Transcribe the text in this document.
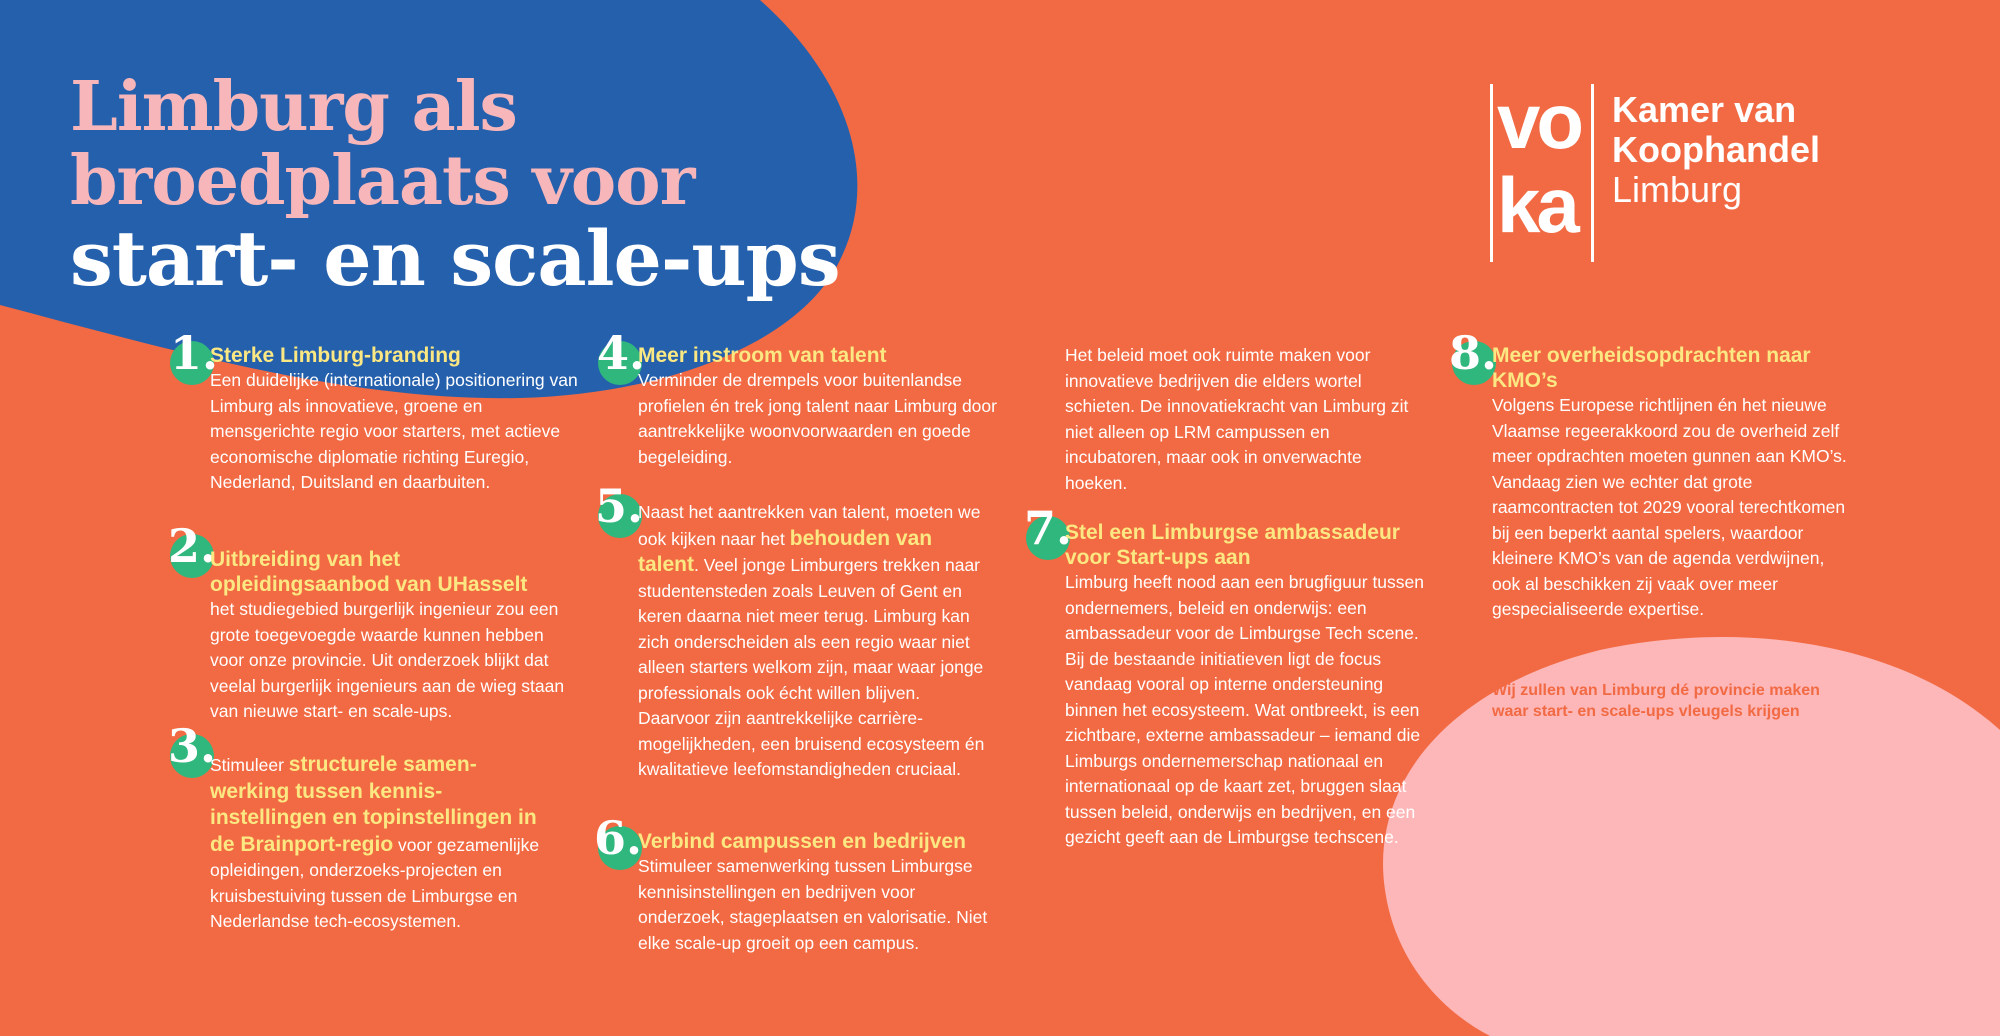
Limburg als
broedplaats voor
start- en scale-ups
vo
ka
Kamer van
Koophandel
Limburg
1.
Sterke Limburg-branding
Een duidelijke (internationale) positionering van Limburg als innovatieve, groene en mensgerichte regio voor starters, met actieve economische diplomatie richting Euregio, Nederland, Duitsland en daarbuiten.
2.
Uitbreiding van het opleidingsaanbod van UHasselt
het studiegebied burgerlijk ingenieur zou een grote toegevoegde waarde kunnen hebben voor onze provincie. Uit onderzoek blijkt dat veelal burgerlijk ingenieurs aan de wieg staan van nieuwe start- en scale-ups.
3.
Stimuleer structurele samen-werking tussen kennis-instellingen en topinstellingen in de Brainport-regio voor gezamenlijke opleidingen, onderzoeks-projecten en kruisbestuiving tussen de Limburgse en Nederlandse tech-ecosystemen.
4.
Meer instroom van talent
Verminder de drempels voor buitenlandse profielen én trek jong talent naar Limburg door aantrekkelijke woonvoorwaarden en goede begeleiding.
5.
Naast het aantrekken van talent, moeten we ook kijken naar het behouden van talent. Veel jonge Limburgers trekken naar studentensteden zoals Leuven of Gent en keren daarna niet meer terug. Limburg kan zich onderscheiden als een regio waar niet alleen starters welkom zijn, maar waar jonge professionals ook écht willen blijven. Daarvoor zijn aantrekkelijke carrière-mogelijkheden, een bruisend ecosysteem én kwalitatieve leefomstandigheden cruciaal.
6.
Verbind campussen en bedrijven
Stimuleer samenwerking tussen Limburgse kennisinstellingen en bedrijven voor onderzoek, stageplaatsen en valorisatie. Niet elke scale-up groeit op een campus.
Het beleid moet ook ruimte maken voor innovatieve bedrijven die elders wortel schieten. De innovatiekracht van Limburg zit niet alleen op LRM campussen en incubatoren, maar ook in onverwachte hoeken.
7.
Stel een Limburgse ambassadeur voor Start-ups aan
Limburg heeft nood aan een brugfiguur tussen ondernemers, beleid en onderwijs: een ambassadeur voor de Limburgse Tech scene. Bij de bestaande initiatieven ligt de focus vandaag vooral op interne ondersteuning binnen het ecosysteem. Wat ontbreekt, is een zichtbare, externe ambassadeur – iemand die Limburgs ondernemerschap nationaal en internationaal op de kaart zet, bruggen slaat tussen beleid, onderwijs en bedrijven, en een gezicht geeft aan de Limburgse techscene.
8.
Meer overheidsopdrachten naar KMO’s
Volgens Europese richtlijnen én het nieuwe Vlaamse regeerakkoord zou de overheid zelf meer opdrachten moeten gunnen aan KMO’s. Vandaag zien we echter dat grote raamcontracten tot 2029 vooral terechtkomen bij een beperkt aantal spelers, waardoor kleinere KMO’s van de agenda verdwijnen, ook al beschikken zij vaak over meer gespecialiseerde expertise.
Wij zullen van Limburg dé provincie maken waar start- en scale-ups vleugels krijgen
